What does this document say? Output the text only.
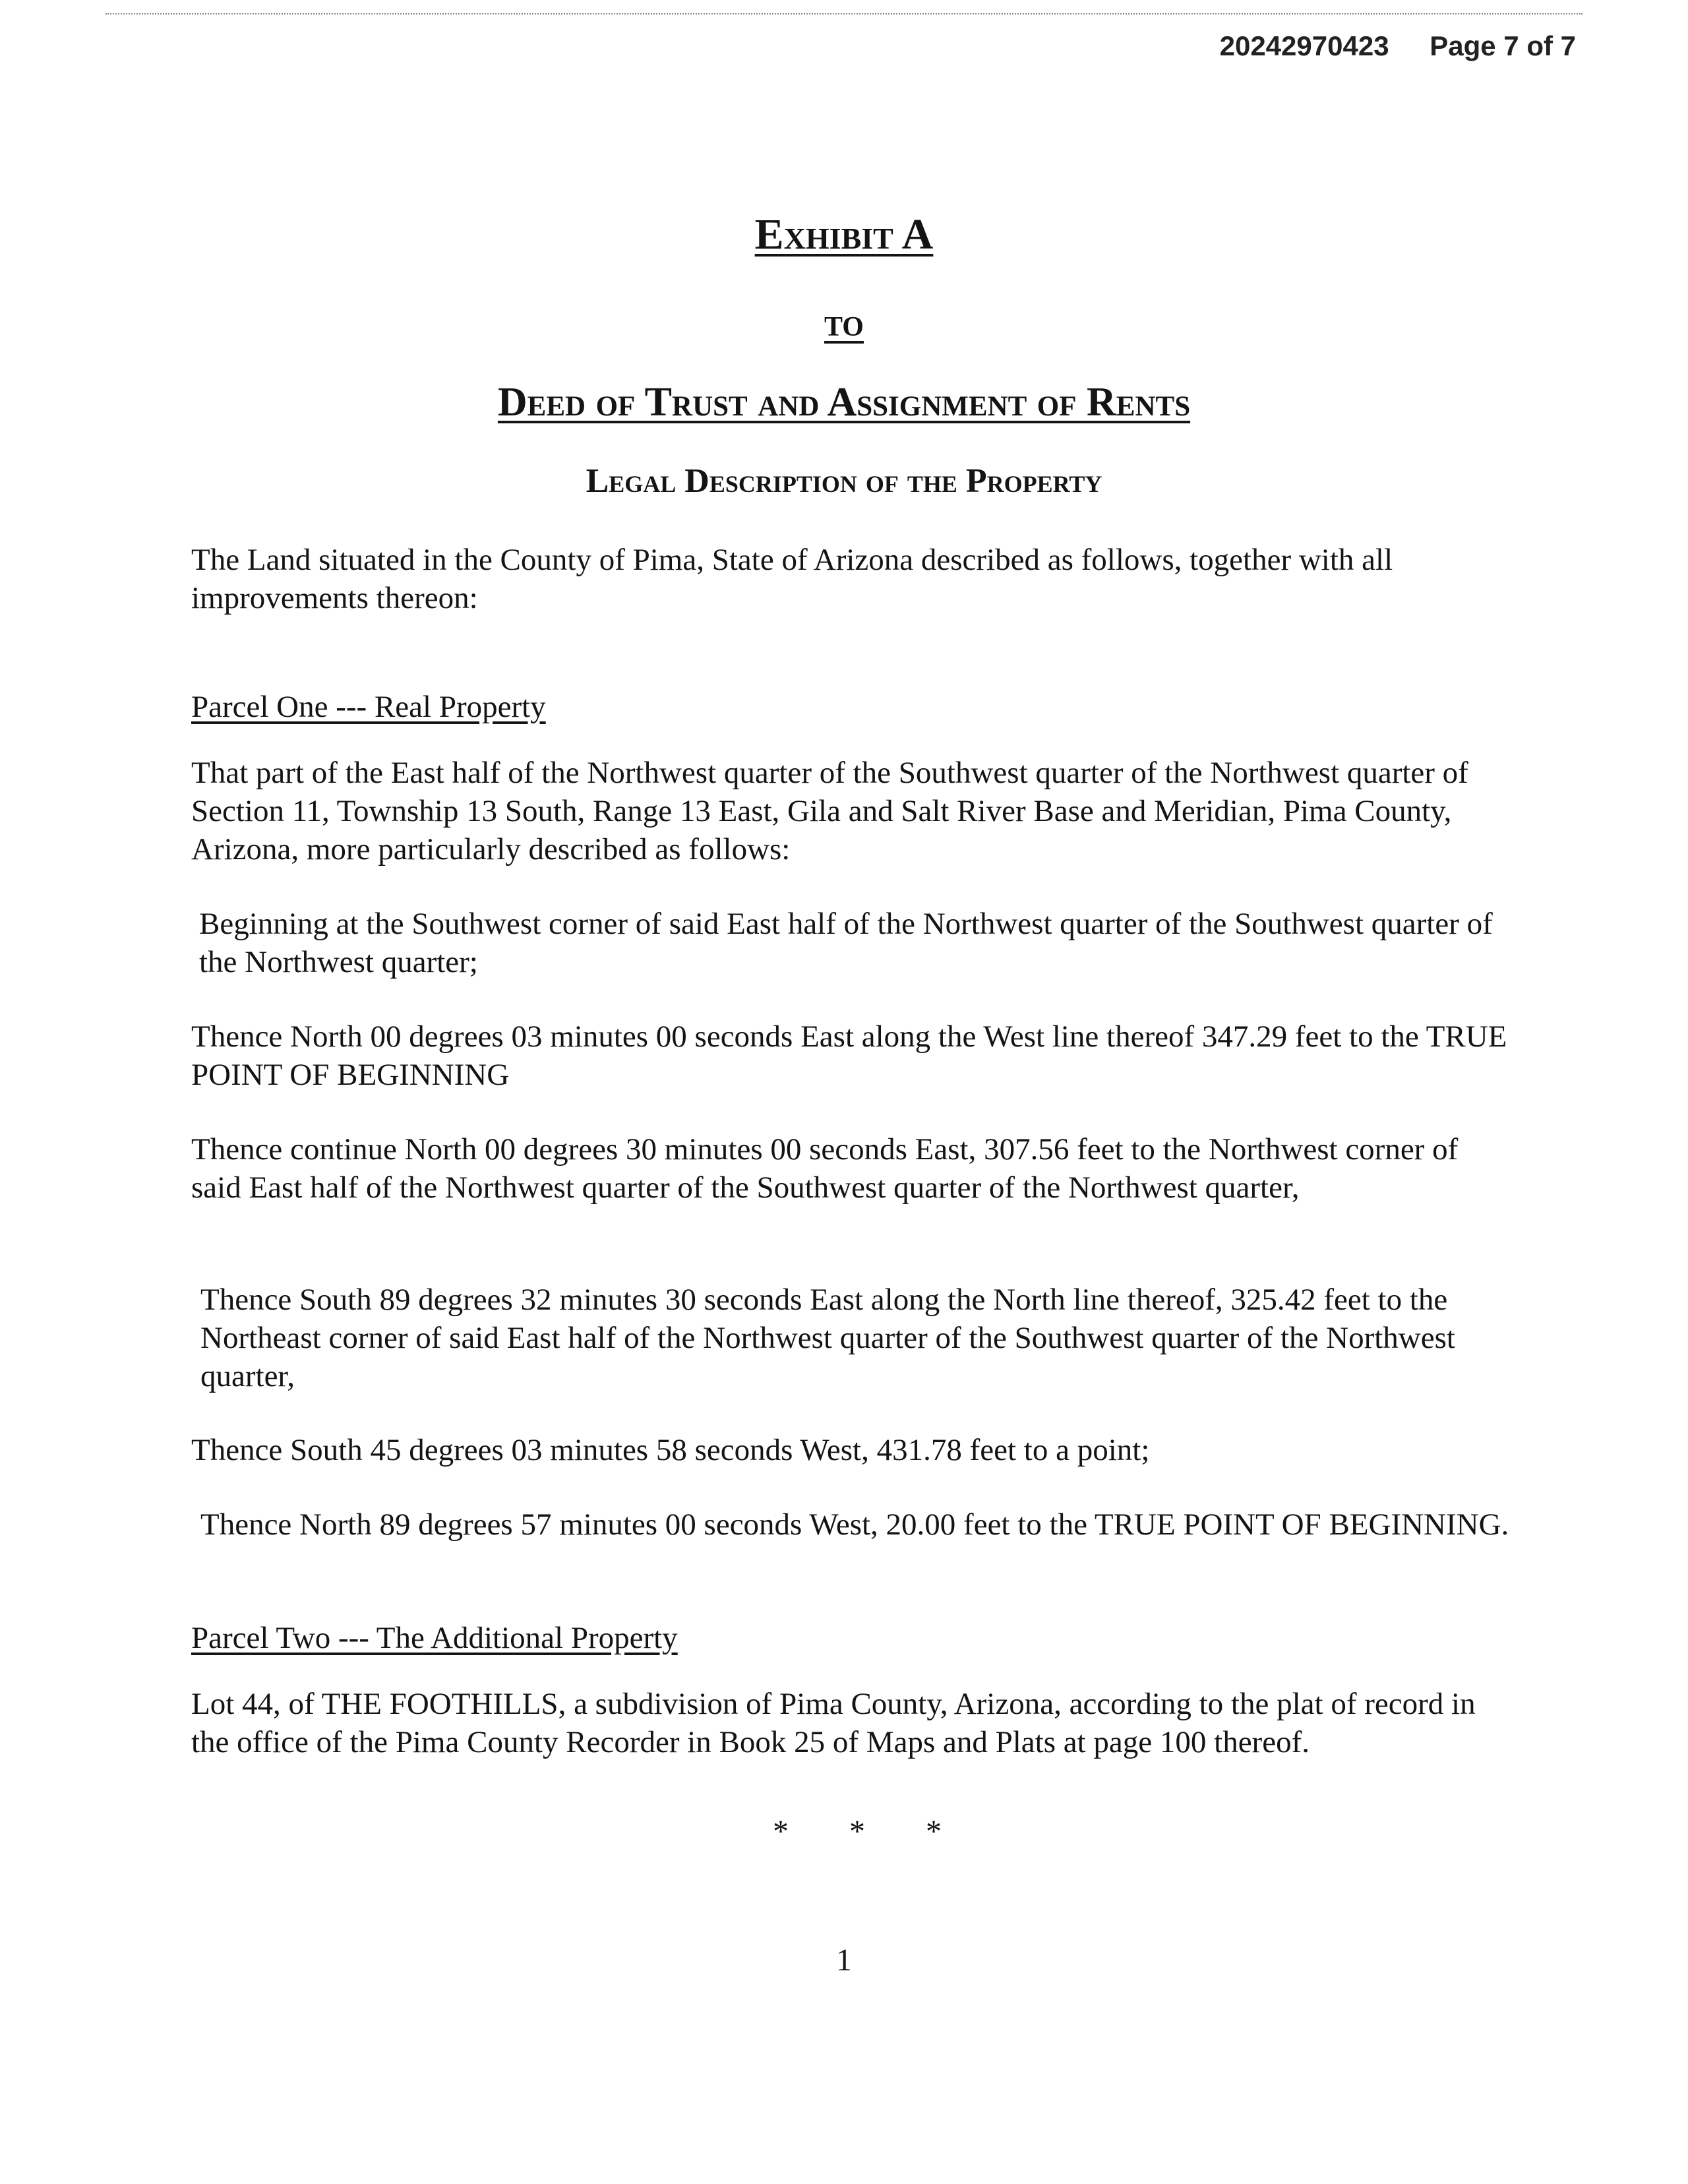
20242970423 Page 7 of 7
Exhibit A
to
Deed of Trust and Assignment of Rents
Legal Description of the Property
The Land situated in the County of Pima, State of Arizona described as follows, together with all improvements thereon:
Parcel One --- Real Property
That part of the East half of the Northwest quarter of the Southwest quarter of the Northwest quarter of Section 11, Township 13 South, Range 13 East, Gila and Salt River Base and Meridian, Pima County, Arizona, more particularly described as follows:
Beginning at the Southwest corner of said East half of the Northwest quarter of the Southwest quarter of the Northwest quarter;
Thence North 00 degrees 03 minutes 00 seconds East along the West line thereof 347.29 feet to the TRUE POINT OF BEGINNING
Thence continue North 00 degrees 30 minutes 00 seconds East, 307.56 feet to the Northwest corner of said East half of the Northwest quarter of the Southwest quarter of the Northwest quarter,
Thence South 89 degrees 32 minutes 30 seconds East along the North line thereof, 325.42 feet to the Northeast corner of said East half of the Northwest quarter of the Southwest quarter of the Northwest quarter,
Thence South 45 degrees 03 minutes 58 seconds West, 431.78 feet to a point;
Thence North 89 degrees 57 minutes 00 seconds West, 20.00 feet to the TRUE POINT OF BEGINNING.
Parcel Two --- The Additional Property
Lot 44, of THE FOOTHILLS, a subdivision of Pima County, Arizona, according to the plat of record in the office of the Pima County Recorder in Book 25 of Maps and Plats at page 100 thereof.
* * *
1
